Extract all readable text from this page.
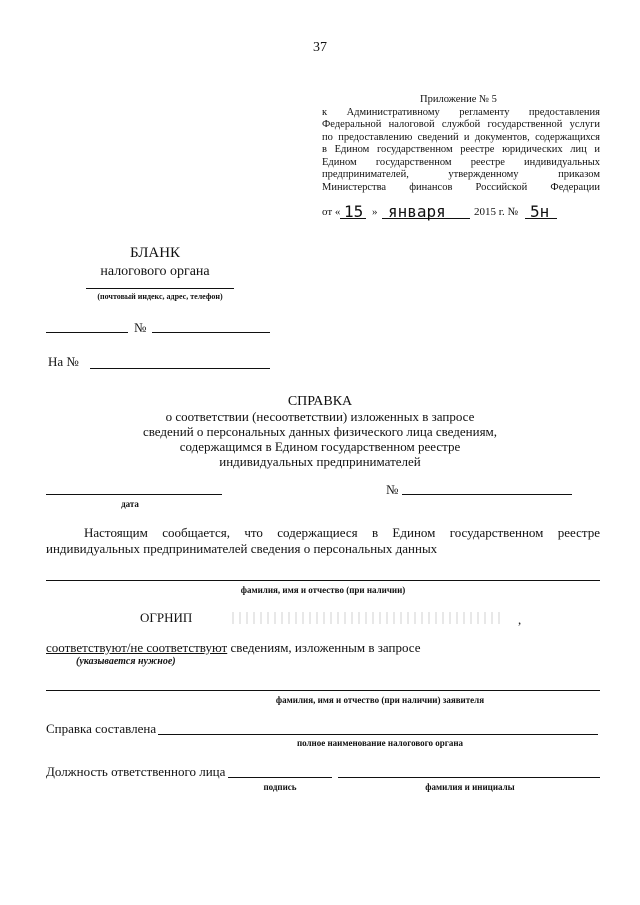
37
Приложение № 5
к Административному регламенту предоставления
Федеральной налоговой службой государственной услуги
по предоставлению сведений и документов, содержащихся
в Едином государственном реестре юридических лиц и
Едином государственном реестре индивидуальных
предпринимателей, утвержденному приказом
Министерства финансов Российской Федерации
от « 15 » января	2015 г. № 5н
БЛАНК
налогового органа
(почтовый индекс, адрес, телефон)
№
На №
СПРАВКА
о соответствии (несоответствии) изложенных в запросе
сведений о персональных данных физического лица сведениям,
содержащимся в Едином государственном реестре
индивидуальных предпринимателей
дата
№
Настоящим сообщается, что содержащиеся в Едином государственном реестре
индивидуальных предпринимателей сведения о персональных данных
фамилия, имя и отчество (при наличии)
ОГРНИП	,
соответствуют/не соответствуют сведениям, изложенным в запросе
(указывается нужное)
фамилия, имя и отчество (при наличии) заявителя
Справка составлена
полное наименование налогового органа
Должность ответственного лица
подпись	фамилия и инициалы
